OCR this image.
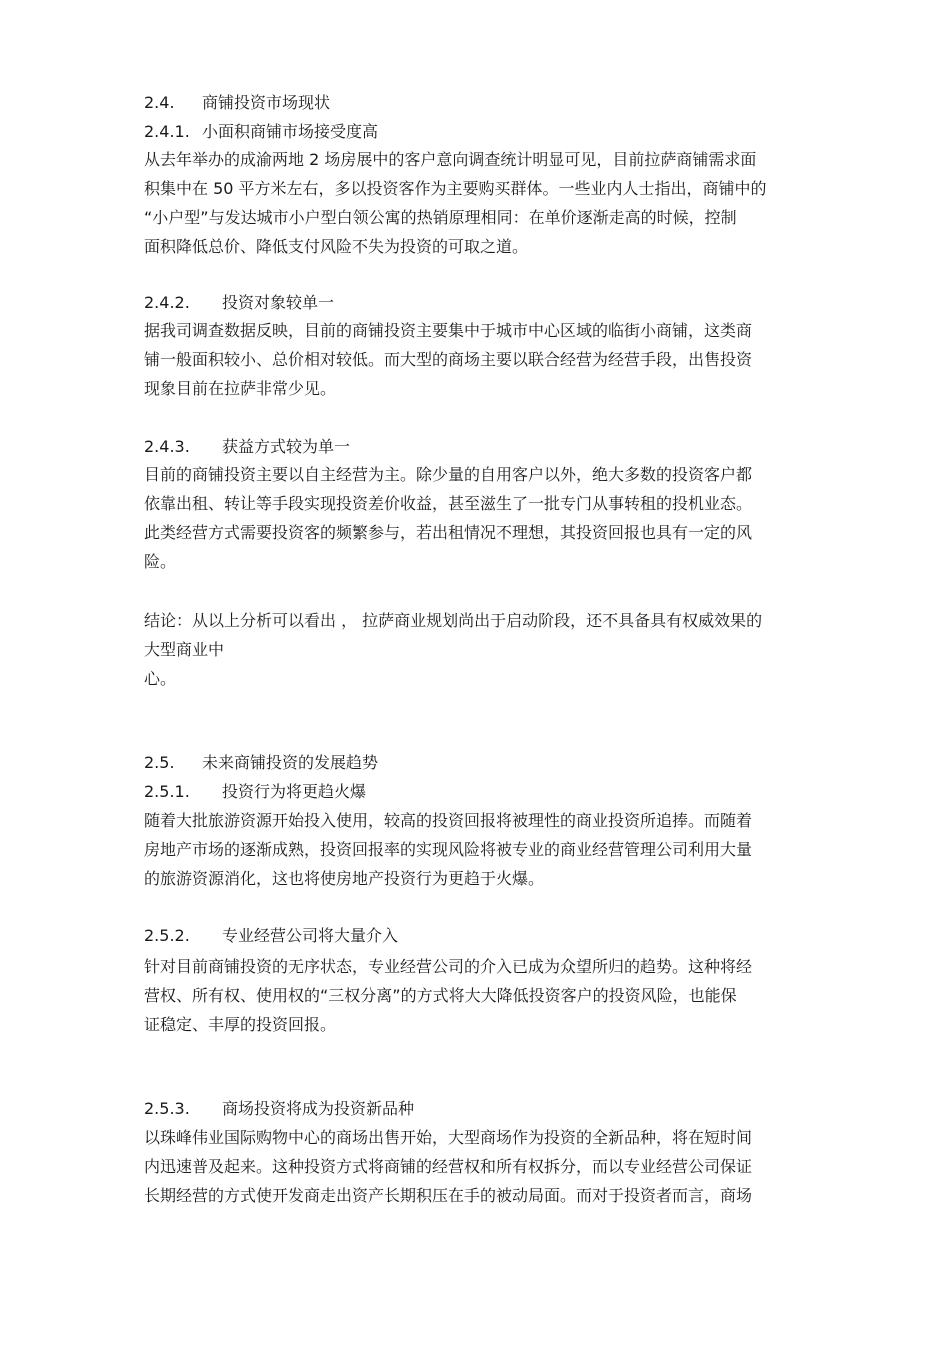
2.4. 商铺投资市场现状
2.4.1. 小面积商铺市场接受度高
从去年举办的成渝两地 2 场房展中的客户意向调查统计明显可见，目前拉萨商铺需求面
积集中在 50 平方米左右，多以投资客作为主要购买群体。一些业内人士指出，商铺中的
“小户型”与发达城市小户型白领公寓的热销原理相同：在单价逐渐走高的时候，控制
面积降低总价、降低支付风险不失为投资的可取之道。
2.4.2. 投资对象较单一
据我司调查数据反映，目前的商铺投资主要集中于城市中心区域的临街小商铺，这类商
铺一般面积较小、总价相对较低。而大型的商场主要以联合经营为经营手段，出售投资
现象目前在拉萨非常少见。
2.4.3. 获益方式较为单一
目前的商铺投资主要以自主经营为主。除少量的自用客户以外，绝大多数的投资客户都
依靠出租、转让等手段实现投资差价收益，甚至滋生了一批专门从事转租的投机业态。
此类经营方式需要投资客的频繁参与，若出租情况不理想，其投资回报也具有一定的风
险。
结论：从以上分析可以看出 ， 拉萨商业规划尚出于启动阶段，还不具备具有权威效果的
大型商业中
心。
2.5. 未来商铺投资的发展趋势
2.5.1. 投资行为将更趋火爆
随着大批旅游资源开始投入使用，较高的投资回报将被理性的商业投资所追捧。而随着
房地产市场的逐渐成熟，投资回报率的实现风险将被专业的商业经营管理公司利用大量
的旅游资源消化，这也将使房地产投资行为更趋于火爆。
2.5.2. 专业经营公司将大量介入
针对目前商铺投资的无序状态，专业经营公司的介入已成为众望所归的趋势。这种将经
营权、所有权、使用权的“三权分离”的方式将大大降低投资客户的投资风险，也能保
证稳定、丰厚的投资回报。
2.5.3. 商场投资将成为投资新品种
以珠峰伟业国际购物中心的商场出售开始，大型商场作为投资的全新品种，将在短时间
内迅速普及起来。这种投资方式将商铺的经营权和所有权拆分，而以专业经营公司保证
长期经营的方式使开发商走出资产长期积压在手的被动局面。而对于投资者而言，商场
